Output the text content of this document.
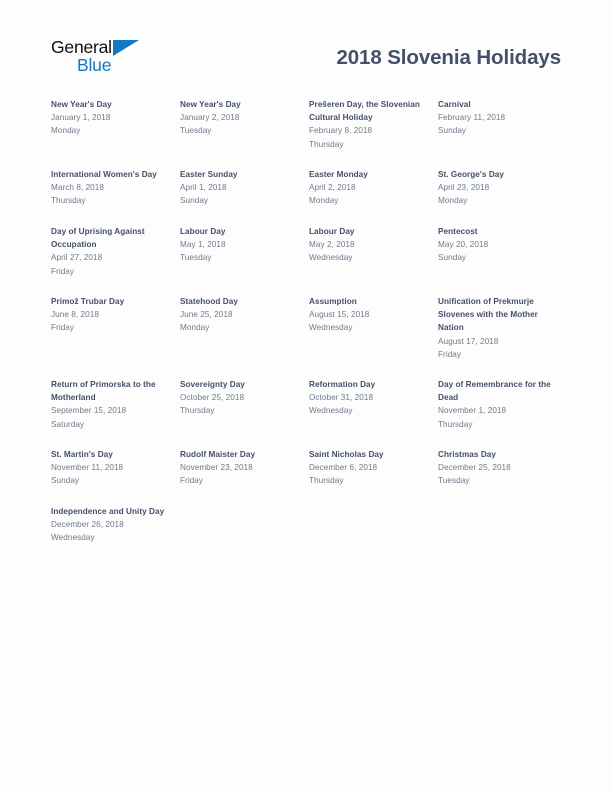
General
Blue	2018 Slovenia Holidays
New Year's Day
January 1, 2018
Monday
New Year's Day
January 2, 2018
Tuesday
Prešeren Day, the Slovenian Cultural Holiday
February 8, 2018
Thursday
Carnival
February 11, 2018
Sunday
International Women's Day
March 8, 2018
Thursday
Easter Sunday
April 1, 2018
Sunday
Easter Monday
April 2, 2018
Monday
St. George's Day
April 23, 2018
Monday
Day of Uprising Against Occupation
April 27, 2018
Friday
Labour Day
May 1, 2018
Tuesday
Labour Day
May 2, 2018
Wednesday
Pentecost
May 20, 2018
Sunday
Primož Trubar Day
June 8, 2018
Friday
Statehood Day
June 25, 2018
Monday
Assumption
August 15, 2018
Wednesday
Unification of Prekmurje Slovenes with the Mother Nation
August 17, 2018
Friday
Return of Primorska to the Motherland
September 15, 2018
Saturday
Sovereignty Day
October 25, 2018
Thursday
Reformation Day
October 31, 2018
Wednesday
Day of Remembrance for the Dead
November 1, 2018
Thursday
St. Martin's Day
November 11, 2018
Sunday
Rudolf Maister Day
November 23, 2018
Friday
Saint Nicholas Day
December 6, 2018
Thursday
Christmas Day
December 25, 2018
Tuesday
Independence and Unity Day
December 26, 2018
Wednesday
